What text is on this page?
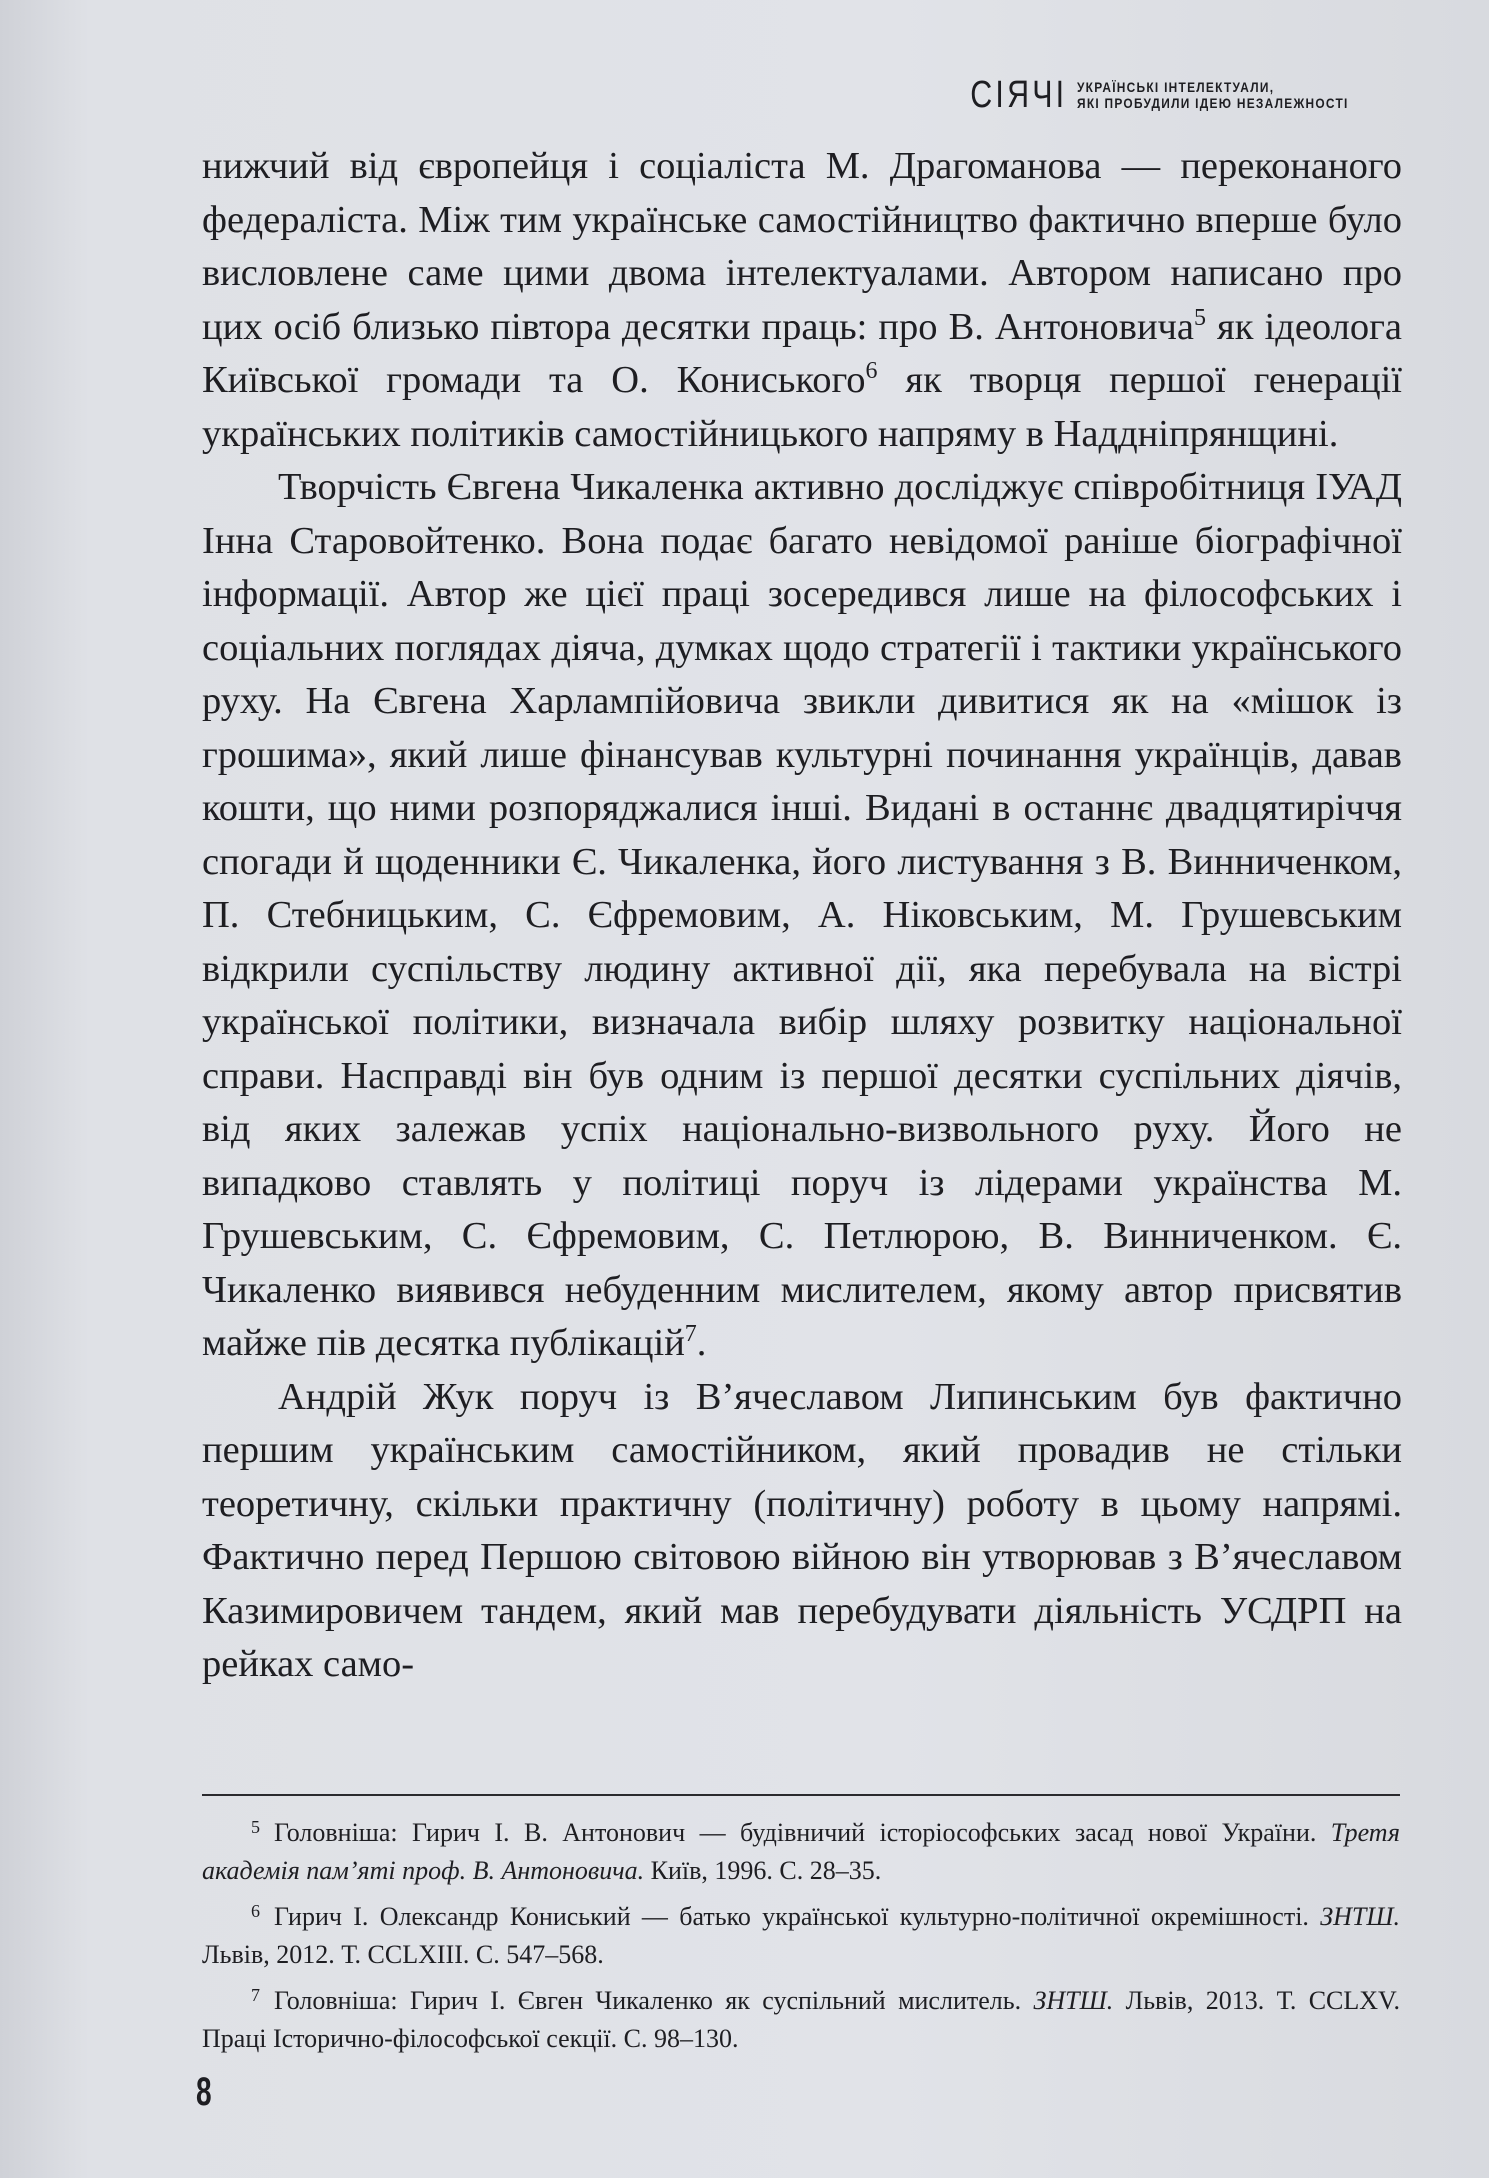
СІЯЧІ УКРАЇНСЬКІ ІНТЕЛЕКТУАЛИ,
ЯКІ ПРОБУДИЛИ ІДЕЮ НЕЗАЛЕЖНОСТІ

нижчий від європейця і соціаліста М. Драгоманова — переконаного федераліста. Між тим українське самостійництво фактично вперше було висловлене саме цими двома інтелектуалами. Автором написано про цих осіб близько півтора десятки праць: про В. Антоновича$^5$ як ідеолога Київської громади та О. Кониського$^6$ як творця першої генерації українських політиків самостійницького напряму в Наддніпрянщині.

Творчість Євгена Чикаленка активно досліджує співробітниця ІУАД Інна Старовойтенко. Вона подає багато невідомої раніше біографічної інформації. Автор же цієї праці зосередився лише на філософських і соціальних поглядах діяча, думках щодо стратегії і тактики українського руху. На Євгена Харлампійовича звикли дивитися як на «мішок із грошима», який лише фінансував культурні починання українців, давав кошти, що ними розпоряджалися інші. Видані в останнє двадцятиріччя спогади й щоденники Є. Чикаленка, його листування з В. Винниченком, П. Стебницьким, С. Єфремовим, А. Ніковським, М. Грушевським відкрили суспільству людину активної дії, яка перебувала на вістрі української політики, визначала вибір шляху розвитку національної справи. Насправді він був одним із першої десятки суспільних діячів, від яких залежав успіх національно-визвольного руху. Його не випадково ставлять у політиці поруч із лідерами українства М. Грушевським, С. Єфремовим, С. Петлюрою, В. Винниченком. Є. Чикаленко виявився небуденним мислителем, якому автор присвятив майже пів десятка публікацій$^7$.

Андрій Жук поруч із В’ячеславом Липинським був фактично першим українським самостійником, який провадив не стільки теоретичну, скільки практичну (політичну) роботу в цьому напрямі. Фактично перед Першою світовою війною він утворював з В’ячеславом Казимировичем тандем, який мав перебудувати діяльність УСДРП на рейках само-

5 Головніша: Гирич І. В. Антонович — будівничий історіософських засад нової України. Третя академія пам’яті проф. В. Антоновича. Київ, 1996. С. 28–35.

6 Гирич І. Олександр Кониський — батько української культурно-політичної окремішності. ЗНТШ. Львів, 2012. Т. CCLXIII. С. 547–568.

7 Головніша: Гирич І. Євген Чикаленко як суспільний мислитель. ЗНТШ. Львів, 2013. Т. CCLXV. Праці Історично-філософської секції. С. 98–130.

8
